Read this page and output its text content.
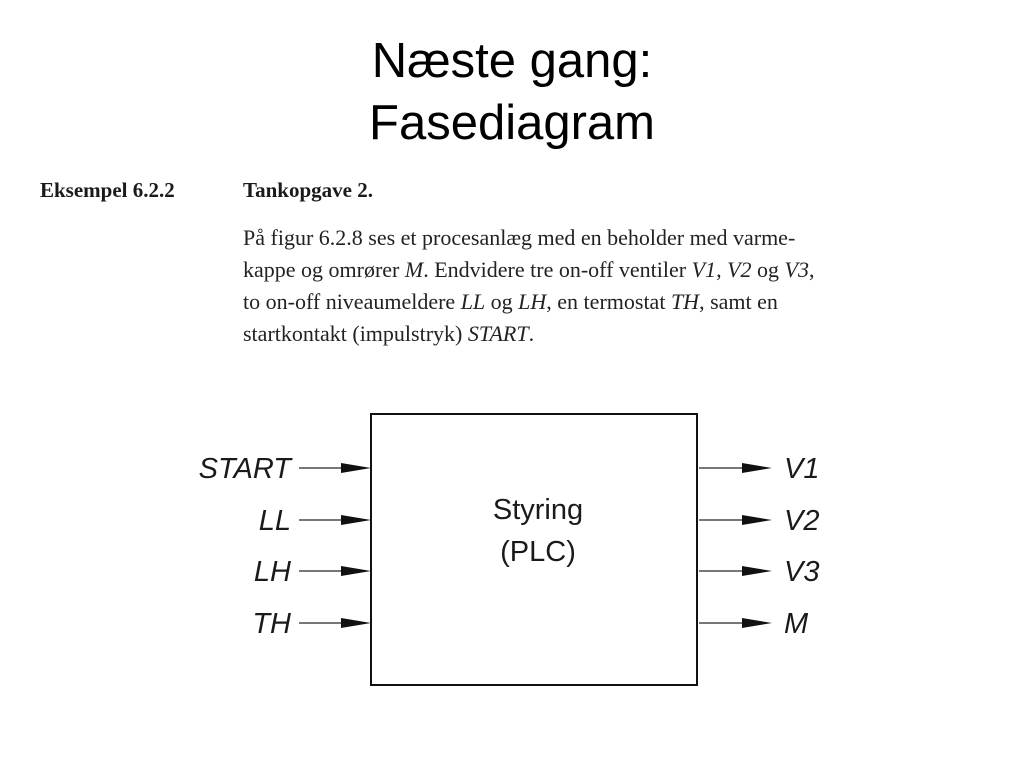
Næste gang:
Fasediagram
Eksempel 6.2.2	Tankopgave 2.
På figur 6.2.8 ses et procesanlæg med en beholder med varme-
kappe og omrører M. Endvidere tre on-off ventiler V1, V2 og V3,
to on-off niveaumeldere LL og LH, en termostat TH, samt en
startkontakt (impulstryk) START.
Styring
(PLC)
START
LL
LH
TH
V1
V2
V3
M
